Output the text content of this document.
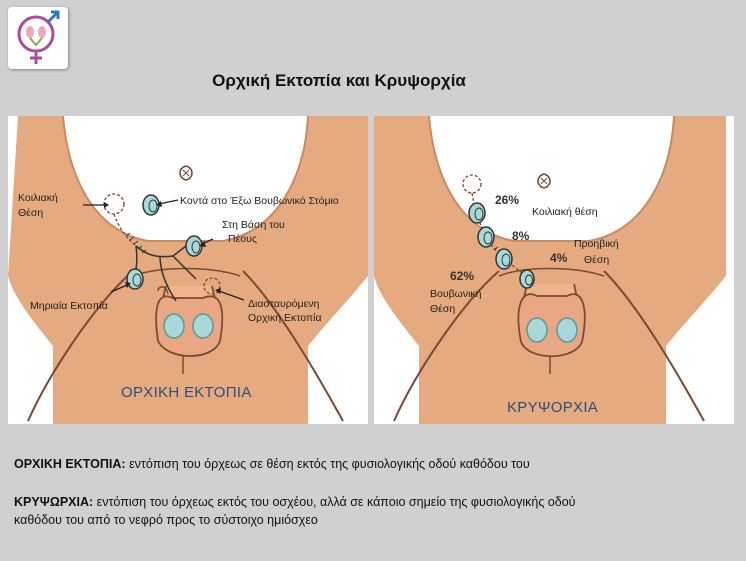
Ορχική Εκτοπία και Κρυψορχία
Κοιλιακή
Θέση
Κοντά στο Έξω Βουβωνικό Στόμιο
Στη Βάση του
Πέους
Μηριαία Εκτοπία	Διασταυρόμενη
Ορχική Εκτοπία
ΟΡΧΙΚΗ ΕΚΤΟΠΙΑ
26%
8%
62%
4%
Κοιλιακή θέση
Προηβική
Θέση
Βουβωνική
Θέση
ΚΡΥΨΟΡΧΙΑ
ΟΡΧΙΚΗ ΕΚΤΟΠΙΑ: εντόπιση του όρχεως σε θέση εκτός της φυσιολογικής οδού καθόδου του
ΚΡΥΨΩΡΧΙΑ: εντόπιση του όρχεως εκτός του οσχέου, αλλά σε κάποιο σημείο της φυσιολογικής οδού
καθόδου του από το νεφρό προς το σύστοιχο ημιόσχεο
